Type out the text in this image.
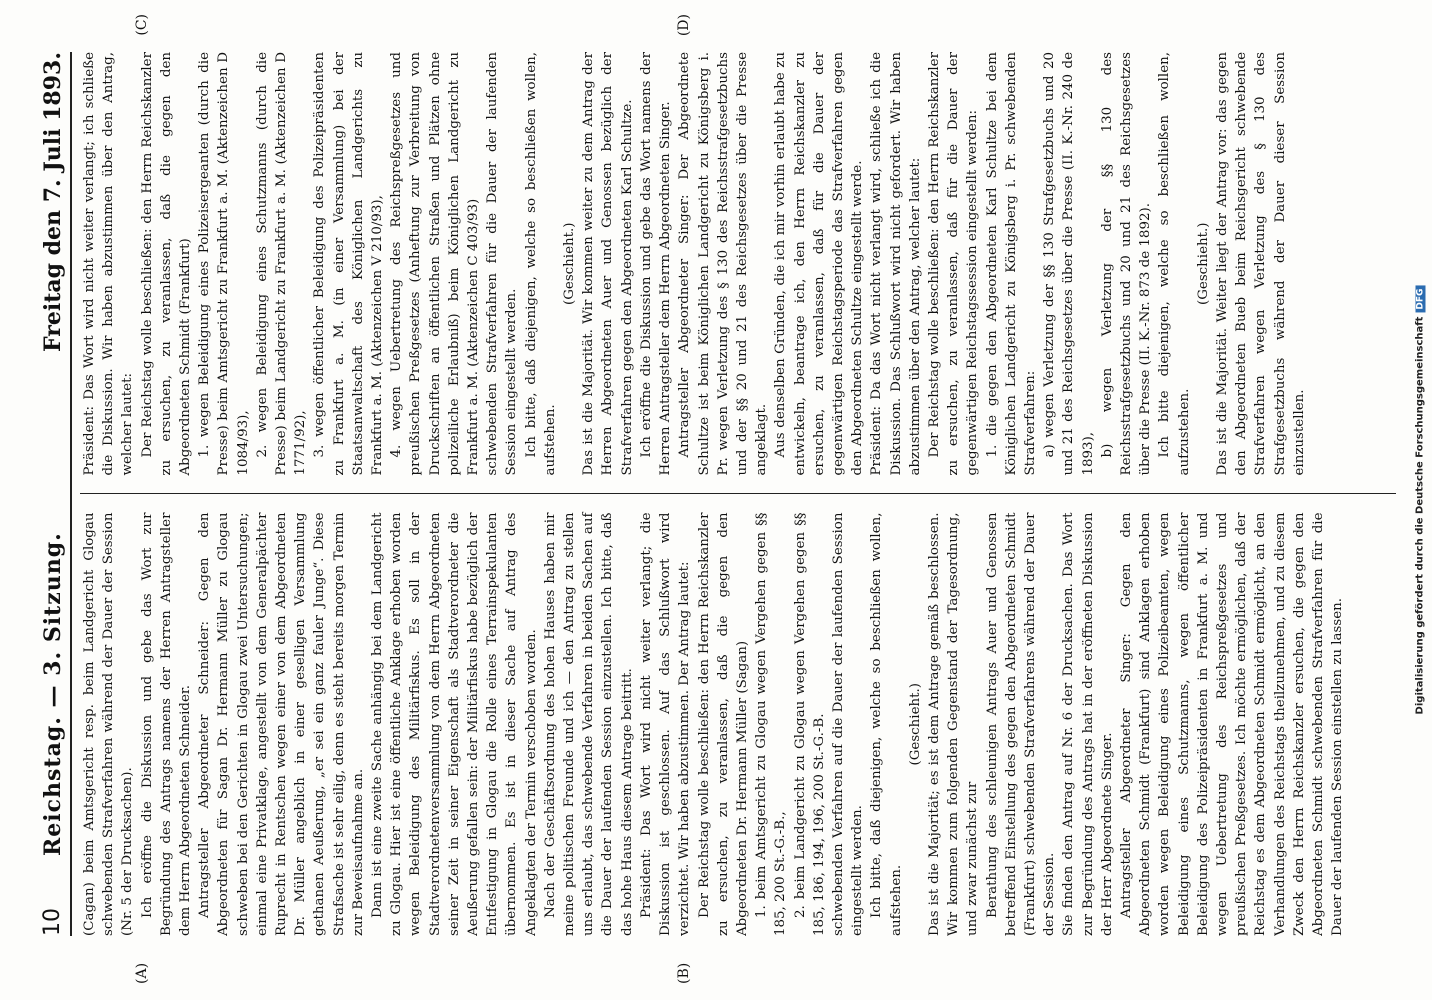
10
Reichstag. — 3. Sitzung.
Freitag den 7. Juli 1893.
(A)	(B)
(C)	(D)

(Cagan) beim Amtsgericht resp. beim Landgericht Glogau schwebenden Strafverfahren während der Dauer der Session (Nr. 5 der Drucksachen). Ich eröffne die Diskussion und gebe das Wort zur Begründung des Antrags namens der Herren Antragsteller dem Herrn Abgeordneten Schneider. Antragsteller Abgeordneter Schneider: Gegen den Abgeordneten für Sagan Dr. Hermann Müller zu Glogau schweben bei den Gerichten in Glogau zwei Untersuchungen; einmal eine Privatklage, angestellt von dem Generalpächter Ruprecht in Rentschen wegen einer von dem Abgeordneten Dr. Müller angeblich in einer geselligen Versammlung gethanen Aeußerung, „er sei ein ganz fauler Junge“. Diese Strafsache ist sehr eilig, denn es steht bereits morgen Termin zur Beweisaufnahme an. Dann ist eine zweite Sache anhängig bei dem Landgericht zu Glogau. Hier ist eine öffentliche Anklage erhoben worden wegen Beleidigung des Militärfiskus. Es soll in der Stadtverordnetenversammlung von dem Herrn Abgeordneten seiner Zeit in seiner Eigenschaft als Stadtverordneter die Aeußerung gefallen sein: der Militärfiskus habe bezüglich der Entfestigung in Glogau die Rolle eines Terrainspekulanten übernommen. Es ist in dieser Sache auf Antrag des Angeklagten der Termin verschoben worden. Nach der Geschäftsordnung des hohen Hauses haben mir meine politischen Freunde und ich — den Antrag zu stellen uns erlaubt, das schwebende Verfahren in beiden Sachen auf die Dauer der laufenden Session einzustellen. Ich bitte, daß das hohe Haus diesem Antrage beitritt. Präsident: Das Wort wird nicht weiter verlangt; die Diskussion ist geschlossen. Auf das Schlußwort wird verzichtet. Wir haben abzustimmen. Der Antrag lautet: Der Reichstag wolle beschließen: den Herrn Reichskanzler zu ersuchen, zu veranlassen, daß die gegen den Abgeordneten Dr. Hermann Müller (Sagan) 1. beim Amtsgericht zu Glogau wegen Vergehen gegen §§ 185, 200 St.-G.-B., 2. beim Landgericht zu Glogau wegen Vergehen gegen §§ 185, 186, 194, 196, 200 St.-G.-B. schwebenden Verfahren auf die Dauer der laufenden Session eingestellt werden. Ich bitte, daß diejenigen, welche so beschließen wollen, aufstehen.

(Geschieht.) Das ist die Majorität; es ist dem Antrage gemäß beschlossen. Wir kommen zum folgenden Gegenstand der Tagesordnung, und zwar zunächst zur Berathung des schleunigen Antrags Auer und Genossen betreffend Einstellung des gegen den Abgeordneten Schmidt (Frankfurt) schwebenden Strafverfahrens während der Dauer der Session. Sie finden den Antrag auf Nr. 6 der Drucksachen. Das Wort zur Begründung des Antrags hat in der eröffneten Diskussion der Herr Abgeordnete Singer. Antragsteller Abgeordneter Singer: Gegen den Abgeordneten Schmidt (Frankfurt) sind Anklagen erhoben worden wegen Beleidigung eines Polizeibeamten, wegen Beleidigung eines Schutzmanns, wegen öffentlicher Beleidigung des Polizeipräsidenten in Frankfurt a. M. und wegen Uebertretung des Reichspreßgesetzes und preußischen Preßgesetzes. Ich möchte ermöglichen, daß der Reichstag es dem Abgeordneten Schmidt ermöglicht, an den Verhandlungen des Reichstags theilzunehmen, und zu diesem Zweck den Herrn Reichskanzler ersuchen, die gegen den Abgeordneten Schmidt schwebenden Strafverfahren für die Dauer der laufenden Session einstellen zu lassen.

Präsident: Das Wort wird nicht weiter verlangt; ich schließe die Diskussion. Wir haben abzustimmen über den Antrag, welcher lautet: Der Reichstag wolle beschließen: den Herrn Reichskanzler zu ersuchen, zu veranlassen, daß die gegen den Abgeordneten Schmidt (Frankfurt) 1. wegen Beleidigung eines Polizeisergeanten (durch die Presse) beim Amtsgericht zu Frankfurt a. M. (Aktenzeichen D 1084/93), 2. wegen Beleidigung eines Schutzmanns (durch die Presse) beim Landgericht zu Frankfurt a. M. (Aktenzeichen D 1771/92), 3. wegen öffentlicher Beleidigung des Polizeipräsidenten zu Frankfurt a. M. (in einer Versammlung) bei der Staatsanwaltschaft des Königlichen Landgerichts zu Frankfurt a. M. (Aktenzeichen V 210/93), 4. wegen Uebertretung des Reichspreßgesetzes und preußischen Preßgesetzes (Anheftung zur Verbreitung von Druckschriften an öffentlichen Straßen und Plätzen ohne polizeiliche Erlaubniß) beim Königlichen Landgericht zu Frankfurt a. M. (Aktenzeichen C 403/93) schwebenden Strafverfahren für die Dauer der laufenden Session eingestellt werden. Ich bitte, daß diejenigen, welche so beschließen wollen, aufstehen.

(Geschieht.) Das ist die Majorität. Wir kommen weiter zu dem Antrag der Herren Abgeordneten Auer und Genossen bezüglich der Strafverfahren gegen den Abgeordneten Karl Schultze. Ich eröffne die Diskussion und gebe das Wort namens der Herren Antragsteller dem Herrn Abgeordneten Singer. Antragsteller Abgeordneter Singer: Der Abgeordnete Schultze ist beim Königlichen Landgericht zu Königsberg i. Pr. wegen Verletzung des § 130 des Reichsstrafgesetzbuchs und der §§ 20 und 21 des Reichsgesetzes über die Presse angeklagt. Aus denselben Gründen, die ich mir vorhin erlaubt habe zu entwickeln, beantrage ich, den Herrn Reichskanzler zu ersuchen, zu veranlassen, daß für die Dauer der gegenwärtigen Reichstagsperiode das Strafverfahren gegen den Abgeordneten Schultze eingestellt werde. Präsident: Da das Wort nicht verlangt wird, schließe ich die Diskussion. Das Schlußwort wird nicht gefordert. Wir haben abzustimmen über den Antrag, welcher lautet: Der Reichstag wolle beschließen: den Herrn Reichskanzler zu ersuchen, zu veranlassen, daß für die Dauer der gegenwärtigen Reichstagssession eingestellt werden: 1. die gegen den Abgeordneten Karl Schultze bei dem Königlichen Landgericht zu Königsberg i. Pr. schwebenden Strafverfahren: a) wegen Verletzung der §§ 130 Strafgesetzbuchs und 20 und 21 des Reichsgesetzes über die Presse (II. K.-Nr. 240 de 1893), b) wegen Verletzung der §§ 130 des Reichsstrafgesetzbuchs und 20 und 21 des Reichsgesetzes über die Presse (II. K.-Nr. 873 de 1892). Ich bitte diejenigen, welche so beschließen wollen, aufzustehen.

(Geschieht.) Das ist die Majorität. Weiter liegt der Antrag vor: das gegen den Abgeordneten Bueb beim Reichsgericht schwebende Strafverfahren wegen Verletzung des § 130 des Strafgesetzbuchs während der Dauer dieser Session einzustellen.	Digitalisierung gefördert durch die Deutsche ForschungsgemeinschaftDFG
